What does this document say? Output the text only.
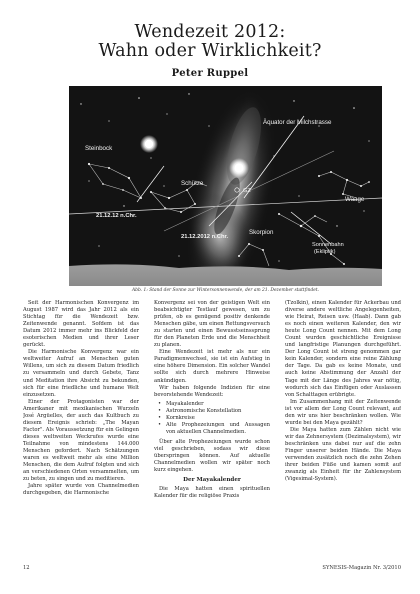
Wendezeit 2012:
Wahn oder Wirklichkeit?
Peter Ruppel
Steinbock
Schütze
Äquator der Milchstrasse
Waage
Skorpion
GZ
Sonnenbahn
(Ekliptik)
21.12.12 n.Chr.
21.12.2012 n.Chr.
Abb. 1: Stand der Sonne zur Wintersonnenwende, der am 21. Dezember stattfindet.

Seit der Harmonischen Konvergenz im August 1987 wird das Jahr 2012 als ein Stichtag für die Wendezeit bzw. Zeitenwende genannt. Sofdem ist das Datum 2012 immer mehr ins Blickfeld der esoterischen Medien und ihrer Leser gerückt.

Die Harmonische Konvergenz war ein weltweiter Aufruf an Menschen guten Willens, um sich zu diesem Datum friedlich zu versammeln und durch Gebete, Tanz und Meditation ihre Absicht zu bekunden, sich für eine friedliche und humane Welt einzusetzen.

Einer der Protagonisten war der Amerikaner mit mexikanischen Wurzeln José Argüelles, der auch das Kultbuch zu diesem Ereignis schrieb: „The Mayan Factor". Als Voraussetzung für ein Gelingen dieses weltweiten Weckrufes wurde eine Teilnahme von mindestens 144.000 Menschen gefordert. Nach Schätzungen waren es weltweit mehr als eine Million Menschen, die dem Aufruf folgten und sich an verschiedenen Orten versammelten, um zu beten, zu singen und zu meditieren.

Jahre später wurde von Channelmedien durchgegeben, die Harmonische

Konvergenz sei von der geistigen Welt ein beabsichtigter Testlauf gewesen, um zu prüfen, ob es genügend positiv denkende Menschen gäbe, um einen Rettungsversuch zu starten und einen Bewusstseinssprung für den Planeten Erde und die Menschheit zu planen.

Eine Wendezeit ist mehr als nur ein Paradigmenwechsel, sie ist ein Aufstieg in eine höhere Dimension. Ein solcher Wandel sollte sich durch mehrere Hinweise ankündigen.

Wir haben folgende Indizien für eine bevorstehende Wendezeit:

• Mayakalender
• Astronomische Konstellation
• Kornkreise
• Alte Prophezeiungen und Aussagen von aktuellen Channelmedien.

Über alte Prophezeiungen wurde schon viel geschrieben, sodass wir diese überspringen können. Auf aktuelle Channelmedien wollen wir später noch kurz eingehen.

Der Mayakalender

Die Maya hatten einen spirituellen Kalender für die religiöse Praxis

(Tzolkin), einen Kalender für Ackerbau und diverse andere weltliche Angelegenheiten, wie Heirat, Reisen usw. (Haab). Dann gab es noch einen weiteren Kalender, den wir heute Long Count nennen. Mit dem Long Count wurden geschichtliche Ereignisse und langfristige Planungen durchgeführt. Der Long Count ist streng genommen gar kein Kalender, sondern eine reine Zählung der Tage. Da gab es keine Monate, und auch keine Abstimmung der Anzahl der Tage mit der Länge des Jahres war nötig, wodurch sich das Einfügen oder Auslassen von Schalttagen erübrigte.

Im Zusammenhang mit der Zeitenwende ist vor allem der Long Count relevant, auf den wir uns hier beschränken wollen. Wie wurde bei den Maya gezählt?

Die Maya hatten zum Zählen nicht wie wir das Zehnersystem (Dezimalsystem), wir beschränken uns dabei nur auf die zehn Finger unserer beiden Hände. Die Maya verwenden zusätzlich noch die zehn Zehen ihrer beiden Füße und kamen somit auf zwanzig als Einheit für ihr Zahlensystem (Vigesimal-System).

12	SYNESIS-Magazin Nr. 3/2010
